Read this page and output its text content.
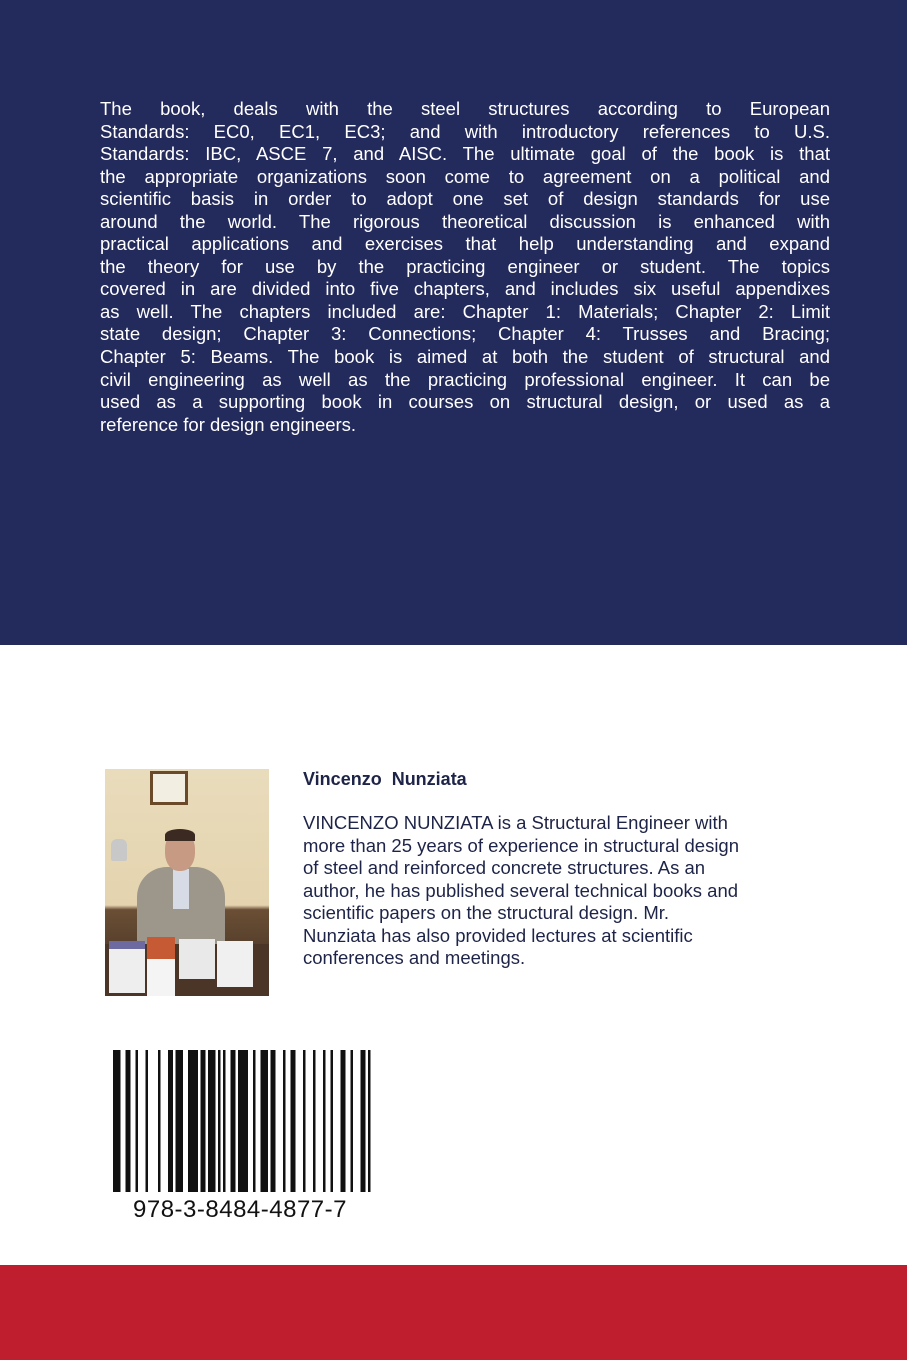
The book, deals with the steel structures according to European
Standards: EC0, EC1, EC3; and with introductory references to U.S.
Standards: IBC, ASCE 7, and AISC. The ultimate goal of the book is that
the appropriate organizations soon come to agreement on a political and
scientific basis in order to adopt one set of design standards for use
around the world. The rigorous theoretical discussion is enhanced with
practical applications and exercises that help understanding and expand
the theory for use by the practicing engineer or student. The topics
covered in are divided into five chapters, and includes six useful appendixes
as well. The chapters included are: Chapter 1: Materials; Chapter 2: Limit
state design; Chapter 3: Connections; Chapter 4: Trusses and Bracing;
Chapter 5: Beams. The book is aimed at both the student of structural and
civil engineering as well as the practicing professional engineer. It can be
used as a supporting book in courses on structural design, or used as a
reference for design engineers.
Vincenzo  Nunziata
VINCENZO NUNZIATA is a Structural Engineer with
more than 25 years of experience in structural design
of steel and reinforced concrete structures. As an
author, he has published several technical books and
scientific papers on the structural design. Mr.
Nunziata has also provided lectures at scientific
conferences and meetings.
978-3-8484-4877-7
